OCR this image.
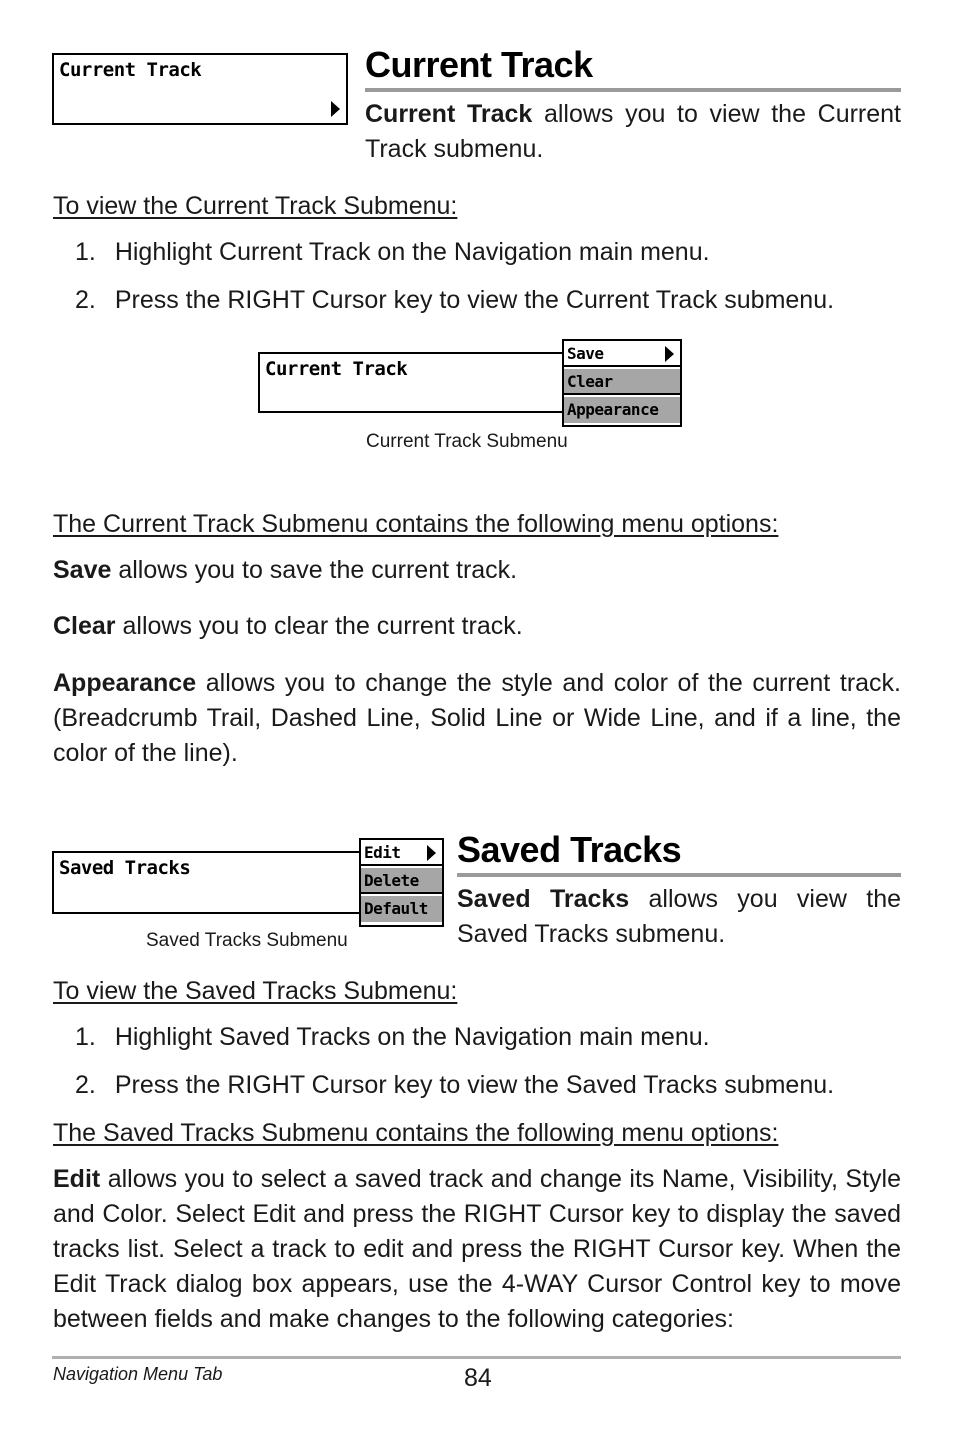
Current Track	Current Track
Current Track allows you to view the Current Track submenu.
To view the Current Track Submenu:
1. Highlight Current Track on the Navigation main menu.
2. Press the RIGHT Cursor key to view the Current Track submenu.
Current Track
Save
Clear
Appearance
Current Track Submenu
The Current Track Submenu contains the following menu options:
Save allows you to save the current track.
Clear allows you to clear the current track.
Appearance allows you to change the style and color of the current track. (Breadcrumb Trail, Dashed Line, Solid Line or Wide Line, and if a line, the color of the line).
Saved Tracks
Edit
Delete
Default
Saved Tracks Submenu
Saved Tracks
Saved Tracks allows you view the Saved Tracks submenu.
To view the Saved Tracks Submenu:
1. Highlight Saved Tracks on the Navigation main menu.
2. Press the RIGHT Cursor key to view the Saved Tracks submenu.
The Saved Tracks Submenu contains the following menu options:
Edit allows you to select a saved track and change its Name, Visibility, Style and Color. Select Edit and press the RIGHT Cursor key to display the saved tracks list. Select a track to edit and press the RIGHT Cursor key. When the Edit Track dialog box appears, use the 4-WAY Cursor Control key to move between fields and make changes to the following categories:
Navigation Menu Tab	84
